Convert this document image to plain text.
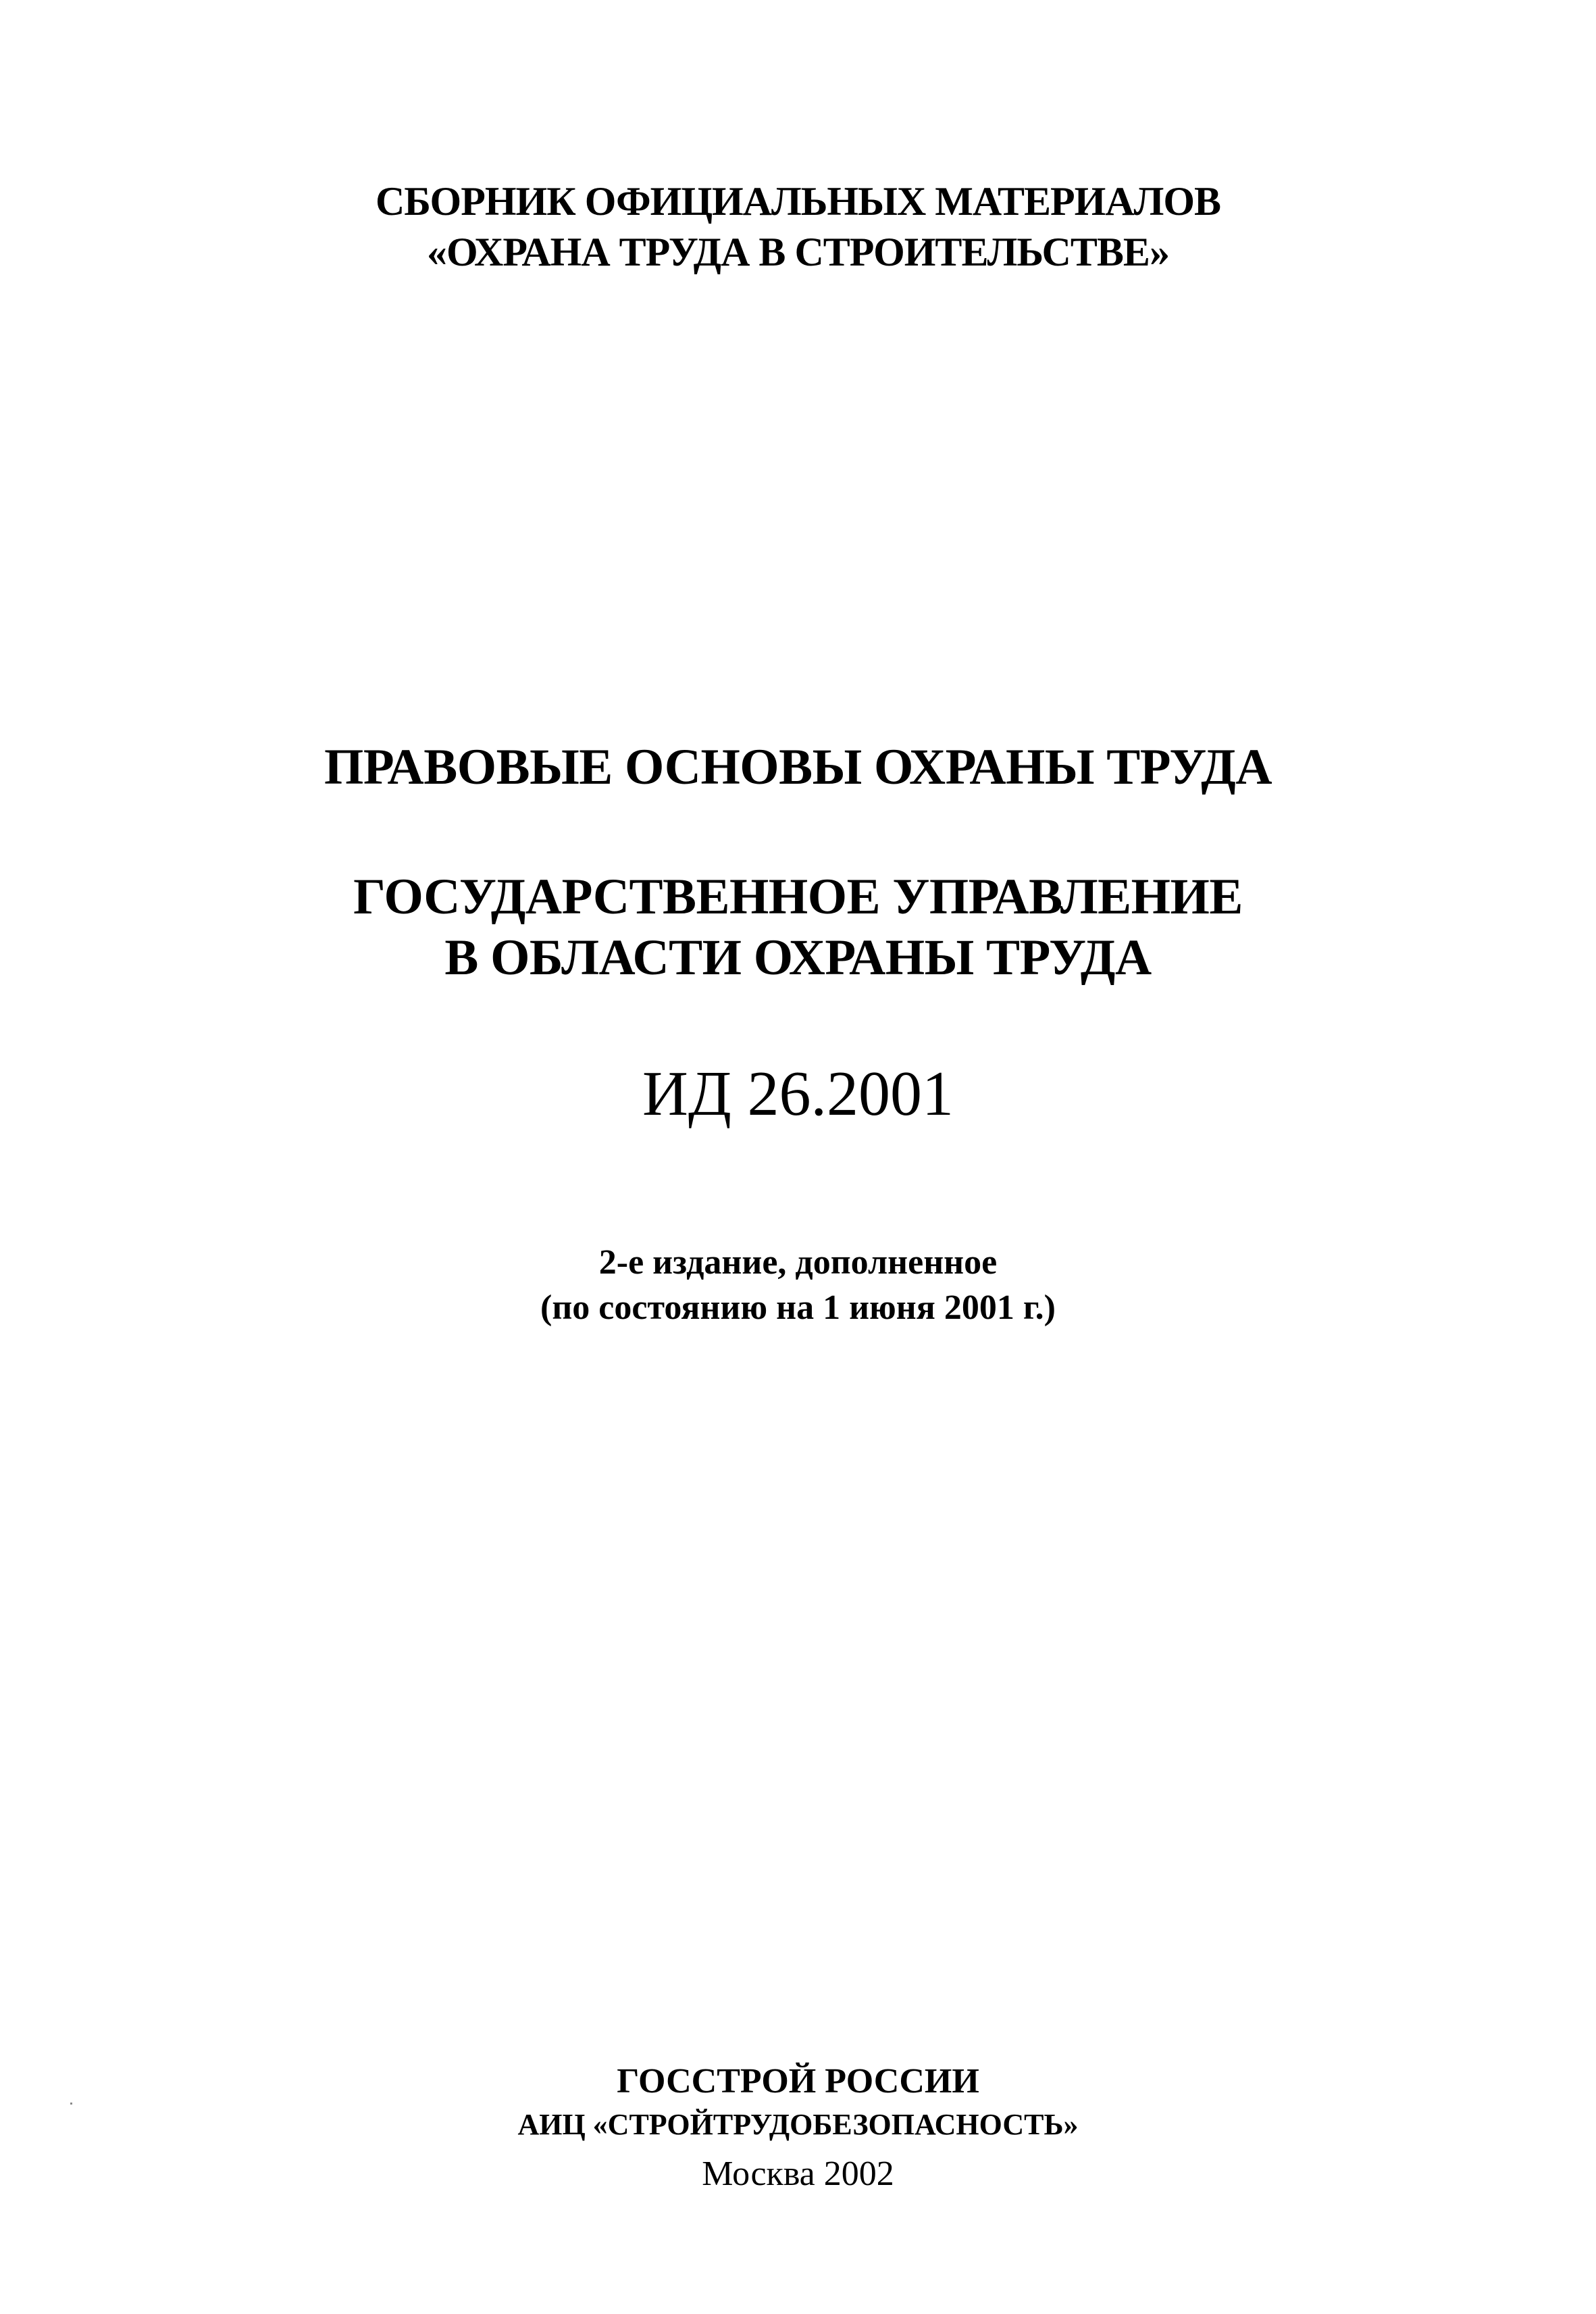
СБОРНИК ОФИЦИАЛЬНЫХ МАТЕРИАЛОВ
«ОХРАНА ТРУДА В СТРОИТЕЛЬСТВЕ»
ПРАВОВЫЕ ОСНОВЫ ОХРАНЫ ТРУДА
ГОСУДАРСТВЕННОЕ УПРАВЛЕНИЕ
В ОБЛАСТИ ОХРАНЫ ТРУДА
ИД 26.2001
2-е издание, дополненное
(по состоянию на 1 июня 2001 г.)
ГОССТРОЙ РОССИИ
АИЦ «СТРОЙТРУДОБЕЗОПАСНОСТЬ»
Москва 2002
